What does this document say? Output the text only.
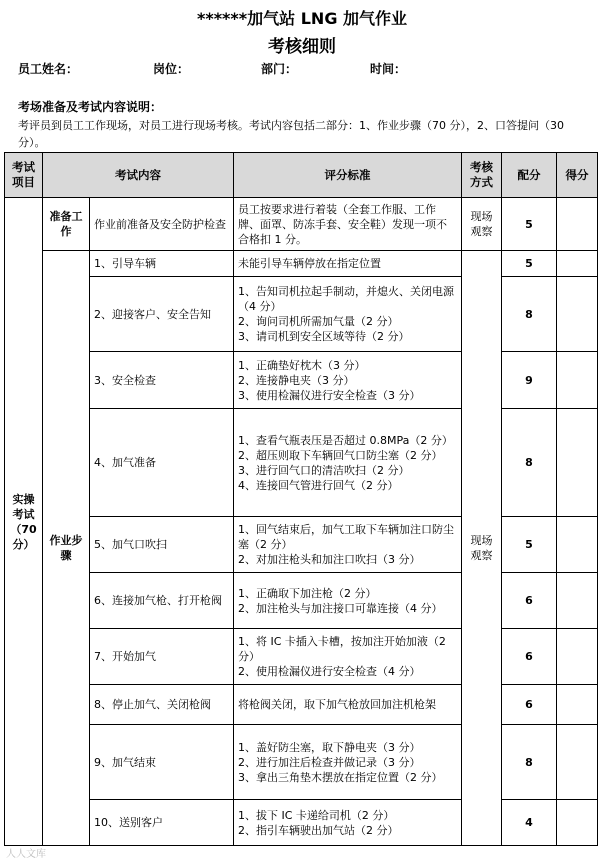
******加气站 LNG 加气作业
考核细则
员工姓名：	岗位：	部门：	时间：
考场准备及考试内容说明：
考评员到员工工作现场，对员工进行现场考核。考试内容包括二部分：1、作业步骤（70 分），2、口答提问（30 分）。
考试项目	考试内容		评分标准	考核方式	配分	得分
实操考试（70分）	准备工作	作业前准备及安全防护检查	员工按要求进行着装（全套工作服、工作牌、面罩、防冻手套、安全鞋）发现一项不合格扣 1 分。	现场观察	5	
	作业步骤	1、引导车辆	未能引导车辆停放在指定位置	现场观察	5	
		2、迎接客户、安全告知	1、告知司机拉起手制动，并熄火、关闭电源（4 分）
2、询问司机所需加气量（2 分）
3、请司机到安全区域等待（2 分）		8	
		3、安全检查	1、正确垫好枕木（3 分）
2、连接静电夹（3 分）
3、使用检漏仪进行安全检查（3 分）		9	
		4、加气准备	1、查看气瓶表压是否超过 0.8MPa（2 分）
2、超压则取下车辆回气口防尘塞（2 分）3、进行回气口的清洁吹扫（2 分）
4、连接回气管进行回气（2 分）		8	
		5、加气口吹扫	1、回气结束后，加气工取下车辆加注口防尘塞（2 分）
2、对加注枪头和加注口吹扫（3 分）		5	
		6、连接加气枪、打开枪阀	1、正确取下加注枪（2 分）
2、加注枪头与加注接口可靠连接（4 分）		6	
		7、开始加气	1、将 IC 卡插入卡槽，按加注开始加液（2 分）
2、使用检漏仪进行安全检查（4 分）		6	
		8、停止加气、关闭枪阀	将枪阀关闭，取下加气枪放回加注机枪架		6	
		9、加气结束	1、盖好防尘塞，取下静电夹（3 分）
2、进行加注后检查并做记录（3 分）
3、拿出三角垫木摆放在指定位置（2 分）		8	
		10、送别客户	1、拔下 IC 卡递给司机（2 分）
2、指引车辆驶出加气站（2 分）		4	
人人文库
